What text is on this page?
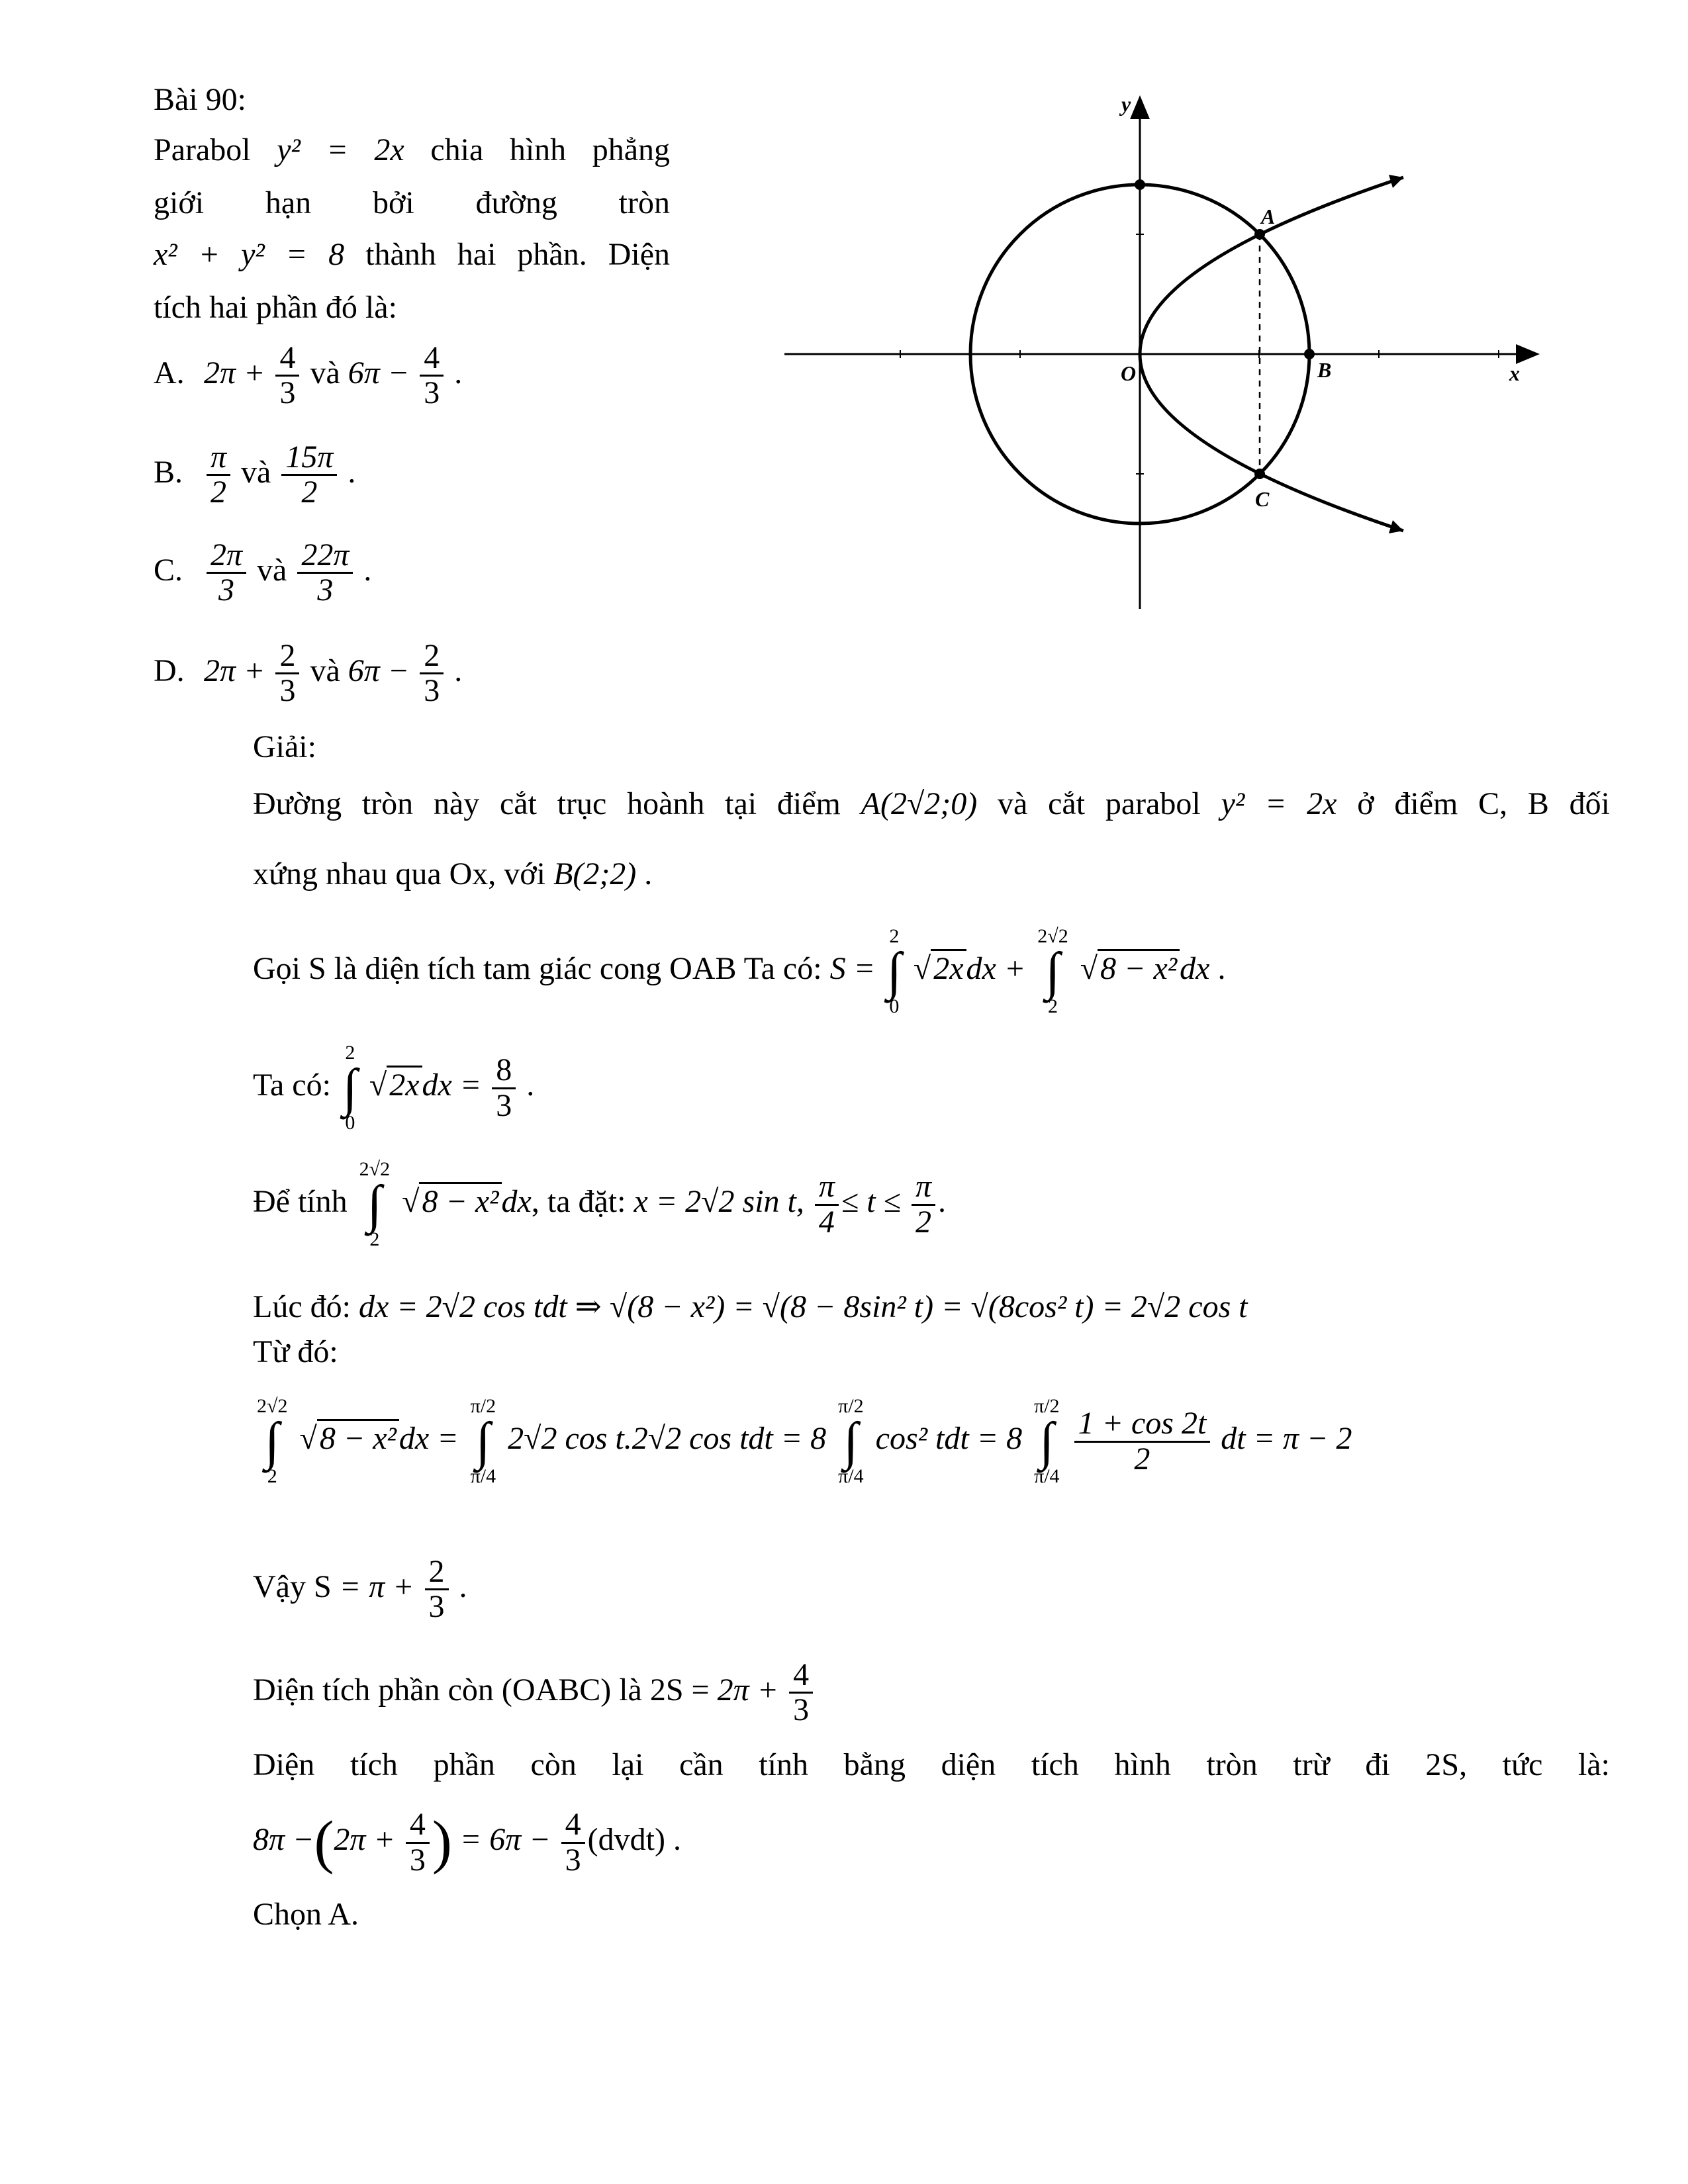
Bài 90:
Parabol y² = 2x chia hình phẳng
giới hạn bởi đường tròn
x² + y² = 8 thành hai phần. Diện
tích hai phần đó là:
A. $2\pi + \frac{4}{3}$ và $6\pi - \frac{4}{3}$ .
B. $\frac{\pi}{2}$ và $\frac{15\pi}{2}$ .
C. $\frac{2\pi}{3}$ và $\frac{22\pi}{3}$ .
D. $2\pi + \frac{2}{3}$ và $6\pi - \frac{2}{3}$ .
y
x
O
A
B
C
Giải:
Đường tròn này cắt trục hoành tại điểm A(2√2;0) và cắt parabol y² = 2x ở điểm C, B đối
xứng nhau qua Ox, với B(2;2) .
Gọi S là diện tích tam giác cong OAB Ta có: S =
2
∫
0
√2xdx +
2√2
∫
2
√8 − x²dx .
Ta có:
2
∫
0
$√2xdx = \frac{8}{3}$ .
Để tính
2√2
∫
2
√8 − x²dx, ta đặt: x = 2√2 sin t, $\frac{\pi}{4} \le t \le \frac{\pi}{2}$ .
Lúc đó: dx = 2√2 cos tdt ⇒ √(8 − x²) = √(8 − 8sin² t) = √(8cos² t) = 2√2 cos t
Từ đó:
2√2
∫
2
√8 − x²dx =
π/2
∫
π/4
2√2 cos t.2√2 cos tdt = 8
π/2
∫
π/4
cos² tdt = 8
π/2
∫
π/4

$\frac{1 + \cos 2t}{2}$ dt = π − 2
Vậy $S = \pi + \frac{2}{3}$ .
Diện tích phần còn (OABC) là $2S = 2\pi + \frac{4}{3}$
Diện tích phần còn lại cần tính bằng diện tích hình tròn trừ đi 2S, tức là:
$8\pi -(2\pi + \frac{4}{3}$ ) = $6\pi - \frac{4}{3}$ (dvdt) .
Chọn A.
